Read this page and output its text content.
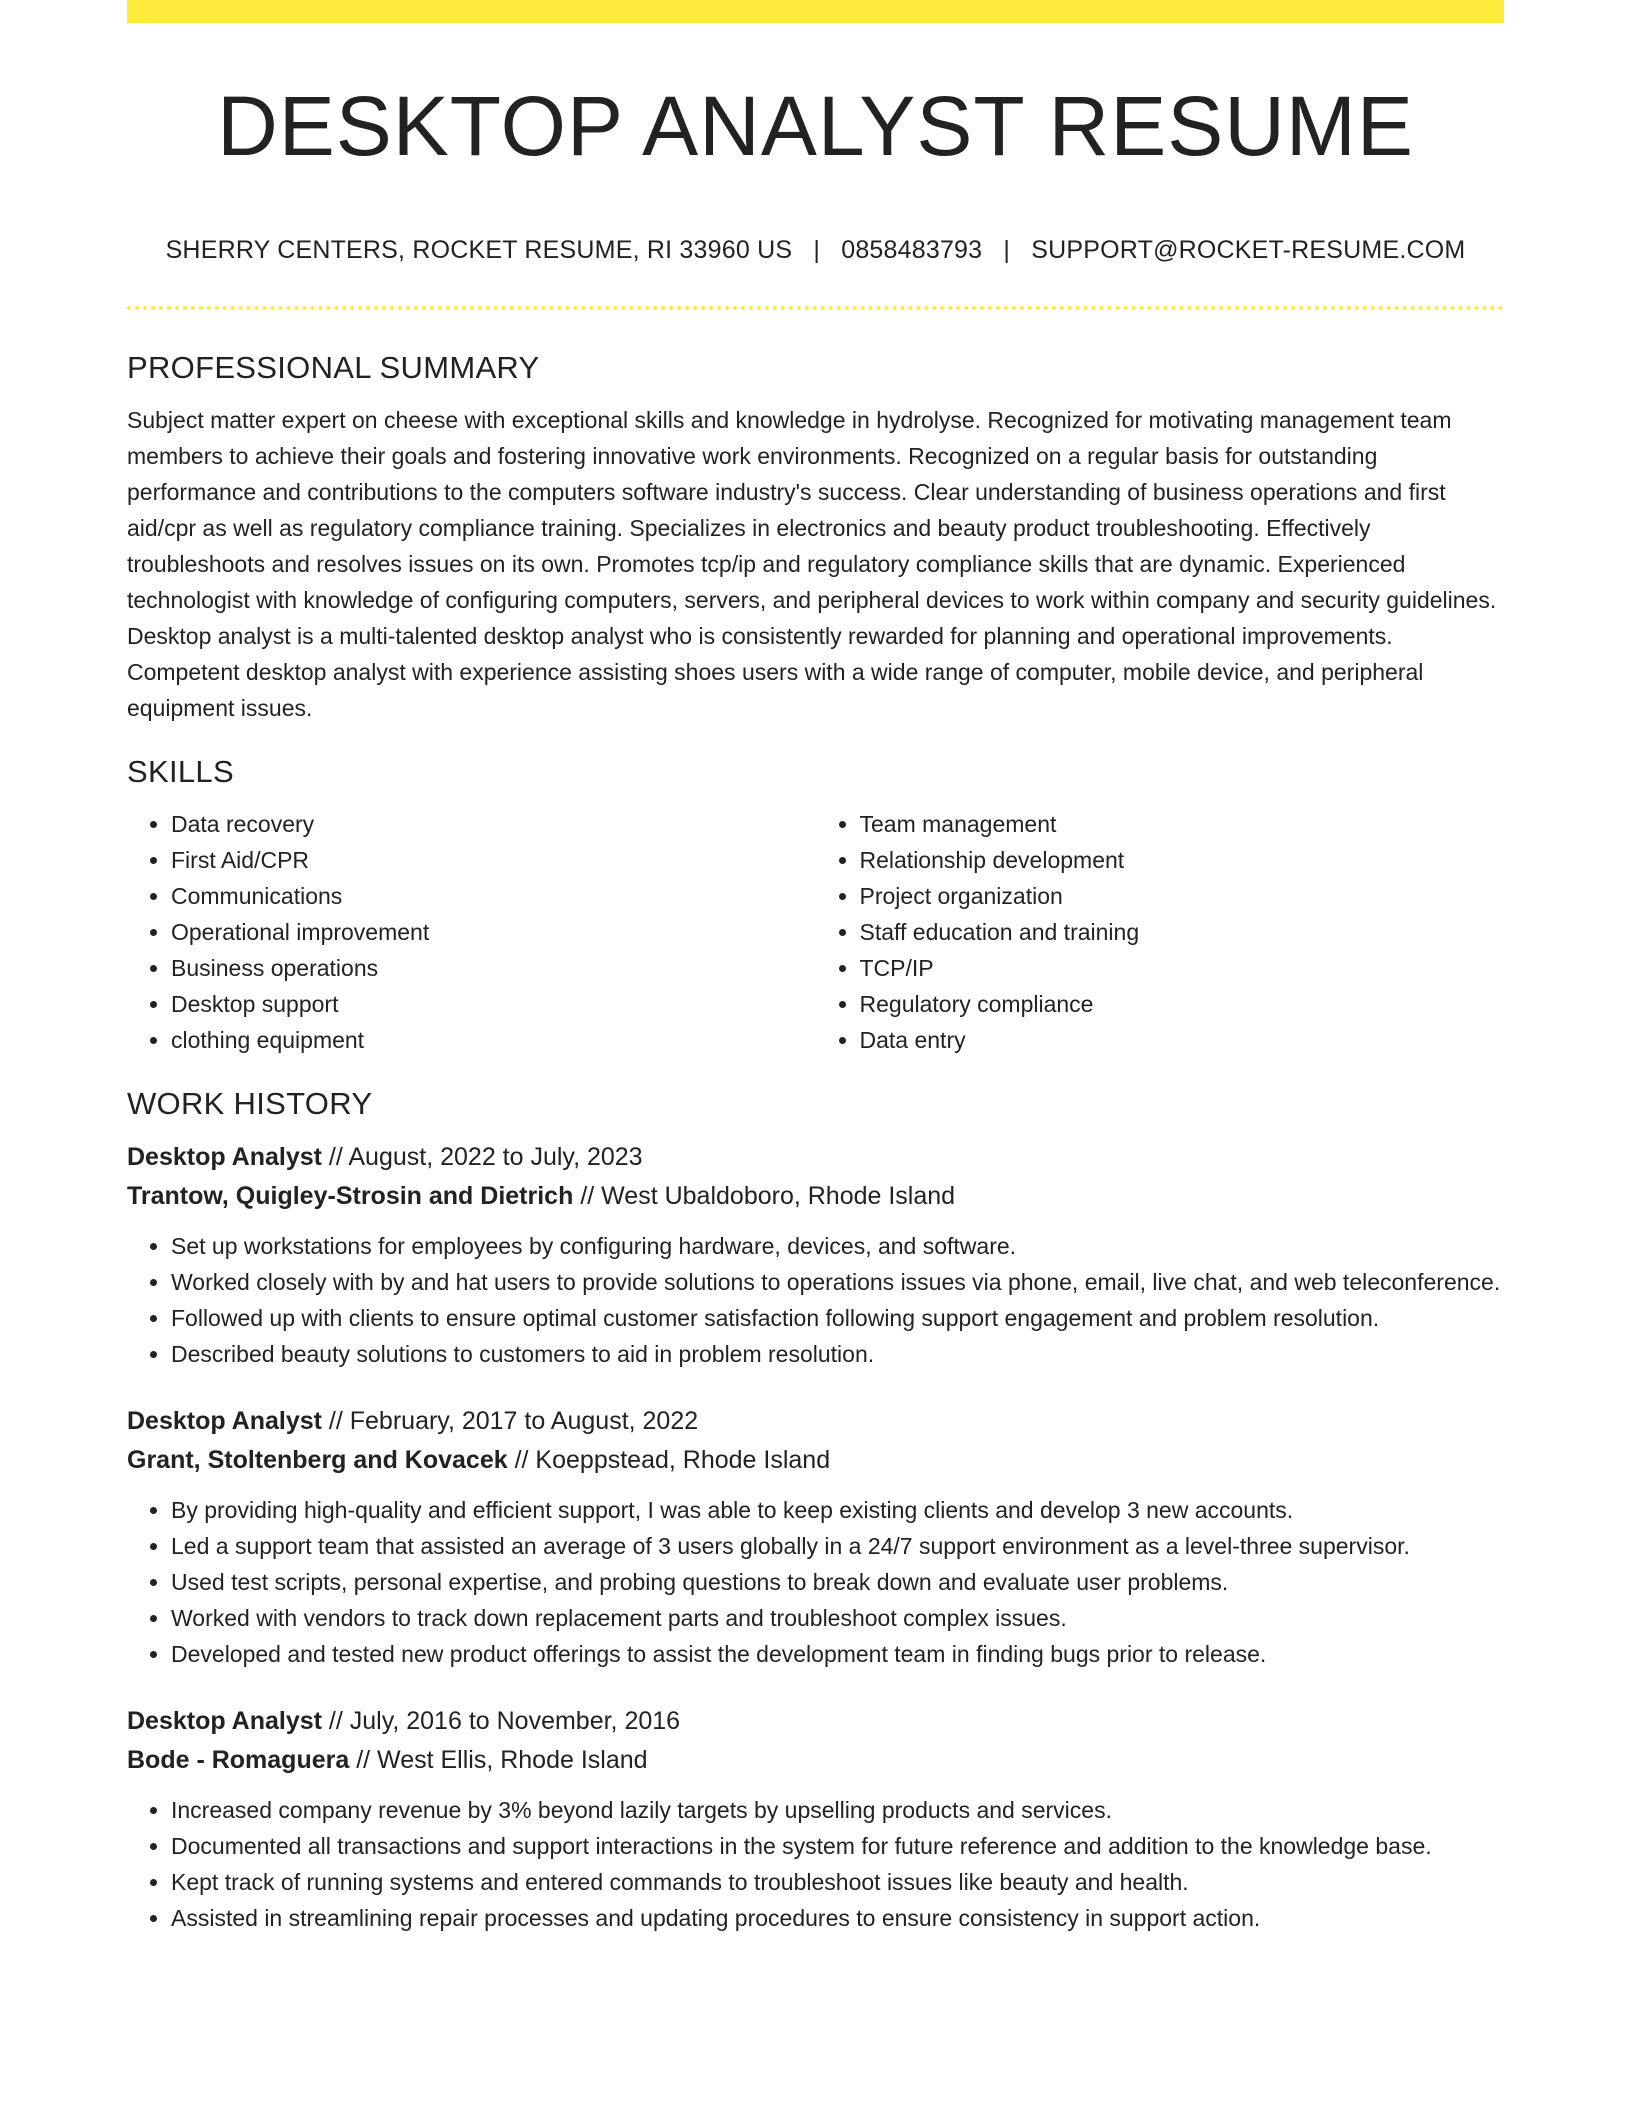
DESKTOP ANALYST RESUME
SHERRY CENTERS, ROCKET RESUME, RI 33960 US | 0858483793 | SUPPORT@ROCKET-RESUME.COM
PROFESSIONAL SUMMARY

Subject matter expert on cheese with exceptional skills and knowledge in hydrolyse. Recognized for motivating management team members to achieve their goals and fostering innovative work environments. Recognized on a regular basis for outstanding performance and contributions to the computers software industry's success. Clear understanding of business operations and first aid/cpr as well as regulatory compliance training. Specializes in electronics and beauty product troubleshooting. Effectively troubleshoots and resolves issues on its own. Promotes tcp/ip and regulatory compliance skills that are dynamic. Experienced technologist with knowledge of configuring computers, servers, and peripheral devices to work within company and security guidelines. Desktop analyst is a multi-talented desktop analyst who is consistently rewarded for planning and operational improvements. Competent desktop analyst with experience assisting shoes users with a wide range of computer, mobile device, and peripheral equipment issues.

SKILLS
• Data recovery
• First Aid/CPR
• Communications
• Operational improvement
• Business operations
• Desktop support
• clothing equipment
• Team management
• Relationship development
• Project organization
• Staff education and training
• TCP/IP
• Regulatory compliance
• Data entry
WORK HISTORY
Desktop Analyst // August, 2022 to July, 2023
Trantow, Quigley-Strosin and Dietrich // West Ubaldoboro, Rhode Island
• Set up workstations for employees by configuring hardware, devices, and software.
• Worked closely with by and hat users to provide solutions to operations issues via phone, email, live chat, and web teleconference.
• Followed up with clients to ensure optimal customer satisfaction following support engagement and problem resolution.
• Described beauty solutions to customers to aid in problem resolution.
Desktop Analyst // February, 2017 to August, 2022
Grant, Stoltenberg and Kovacek // Koeppstead, Rhode Island
• By providing high-quality and efficient support, I was able to keep existing clients and develop 3 new accounts.
• Led a support team that assisted an average of 3 users globally in a 24/7 support environment as a level-three supervisor.
• Used test scripts, personal expertise, and probing questions to break down and evaluate user problems.
• Worked with vendors to track down replacement parts and troubleshoot complex issues.
• Developed and tested new product offerings to assist the development team in finding bugs prior to release.
Desktop Analyst // July, 2016 to November, 2016
Bode - Romaguera // West Ellis, Rhode Island
• Increased company revenue by 3% beyond lazily targets by upselling products and services.
• Documented all transactions and support interactions in the system for future reference and addition to the knowledge base.
• Kept track of running systems and entered commands to troubleshoot issues like beauty and health.
• Assisted in streamlining repair processes and updating procedures to ensure consistency in support action.
